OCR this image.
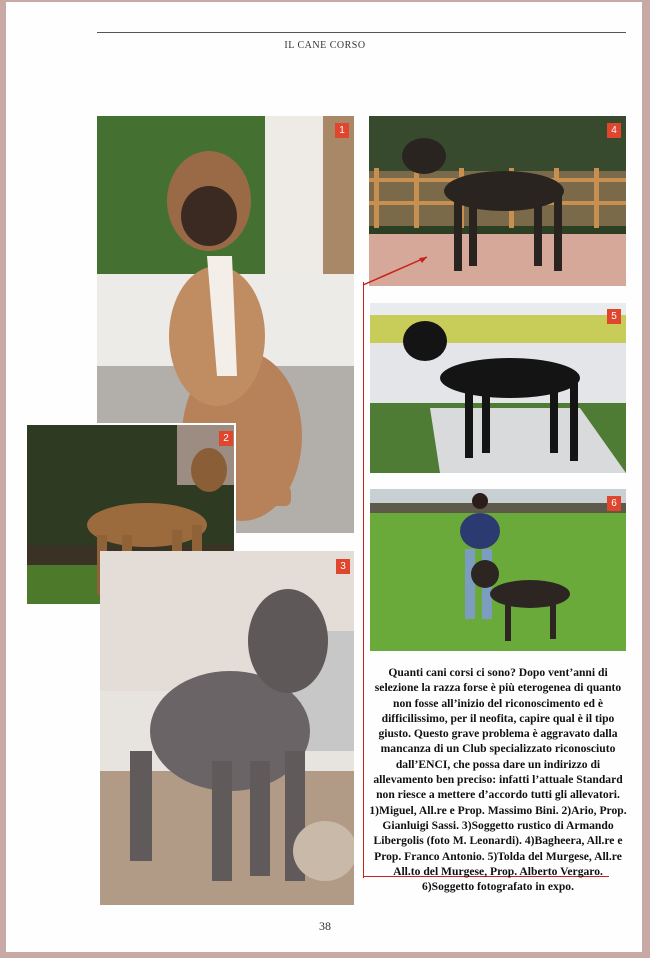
IL CANE CORSO
1
2
3
4
5
6
Quanti cani corsi ci sono? Dopo vent’anni di selezione la razza forse è più eterogenea di quanto non fosse all’inizio del riconoscimento ed è difficilissimo, per il neofita, capire qual è il tipo giusto. Questo grave problema è aggravato dalla mancanza di un Club specializzato riconosciuto dall’ENCI, che possa dare un indirizzo di allevamento ben preciso: infatti l’attuale Standard non riesce a mettere d’accordo tutti gli allevatori. 1)Miguel, All.re e Prop. Massimo Bini. 2)Ario, Prop. Gianluigi Sassi. 3)Soggetto rustico di Armando Libergolis (foto M. Leonardi). 4)Bagheera, All.re e Prop. Franco Antonio. 5)Tolda del Murgese, All.re All.to del Murgese, Prop. Alberto Vergaro. 6)Soggetto fotografato in expo.
38
